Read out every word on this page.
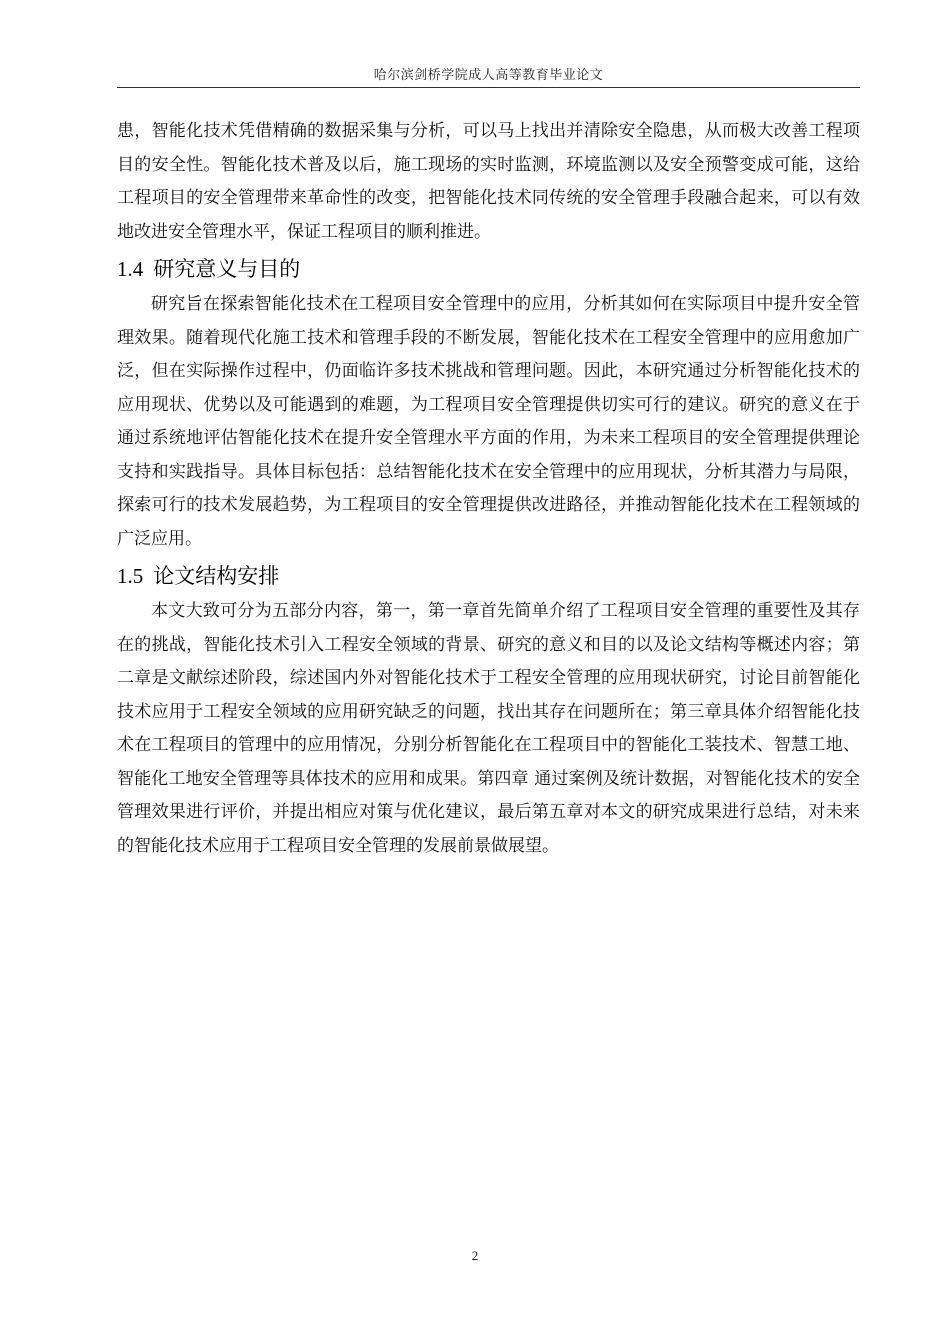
哈尔滨剑桥学院成人高等教育毕业论文

患，智能化技术凭借精确的数据采集与分析，可以马上找出并清除安全隐患，从而极大改善工程项目的安全性。智能化技术普及以后，施工现场的实时监测，环境监测以及安全预警变成可能，这给工程项目的安全管理带来革命性的改变，把智能化技术同传统的安全管理手段融合起来，可以有效地改进安全管理水平，保证工程项目的顺利推进。

1.4 研究意义与目的

研究旨在探索智能化技术在工程项目安全管理中的应用，分析其如何在实际项目中提升安全管理效果。随着现代化施工技术和管理手段的不断发展，智能化技术在工程安全管理中的应用愈加广泛，但在实际操作过程中，仍面临许多技术挑战和管理问题。因此，本研究通过分析智能化技术的应用现状、优势以及可能遇到的难题，为工程项目安全管理提供切实可行的建议。研究的意义在于通过系统地评估智能化技术在提升安全管理水平方面的作用，为未来工程项目的安全管理提供理论支持和实践指导。具体目标包括：总结智能化技术在安全管理中的应用现状，分析其潜力与局限，探索可行的技术发展趋势，为工程项目的安全管理提供改进路径，并推动智能化技术在工程领域的广泛应用。

1.5 论文结构安排

本文大致可分为五部分内容，第一，第一章首先简单介绍了工程项目安全管理的重要性及其存在的挑战，智能化技术引入工程安全领域的背景、研究的意义和目的以及论文结构等概述内容；第二章是文献综述阶段，综述国内外对智能化技术于工程安全管理的应用现状研究，讨论目前智能化技术应用于工程安全领域的应用研究缺乏的问题，找出其存在问题所在；第三章具体介绍智能化技术在工程项目的管理中的应用情况，分别分析智能化在工程项目中的智能化工装技术、智慧工地、智能化工地安全管理等具体技术的应用和成果。第四章 通过案例及统计数据，对智能化技术的安全管理效果进行评价，并提出相应对策与优化建议，最后第五章对本文的研究成果进行总结，对未来的智能化技术应用于工程项目安全管理的发展前景做展望。

2
